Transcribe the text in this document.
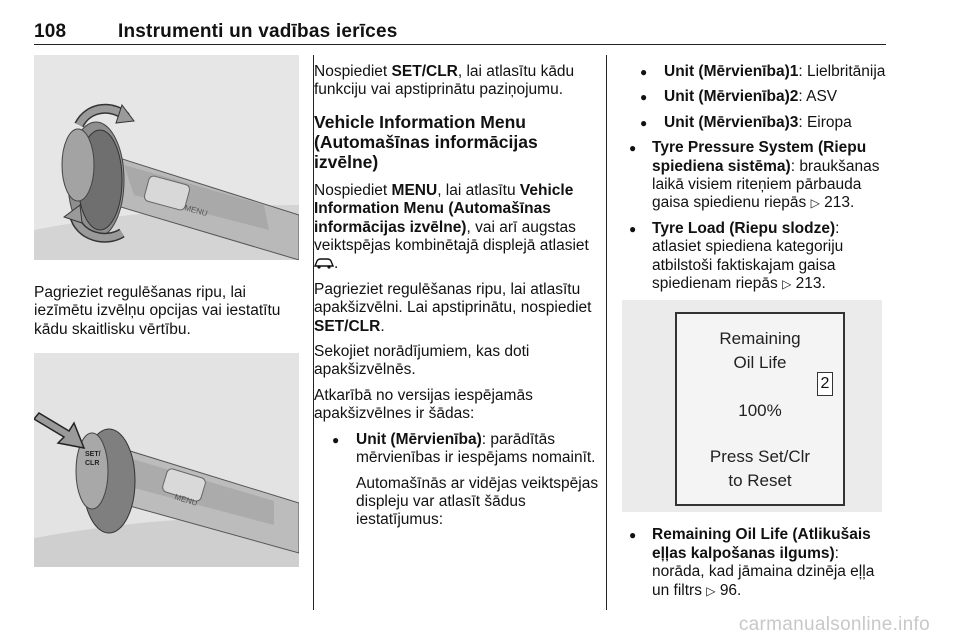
108	Instrumenti un vadības ierīces
MENU

Pagrieziet regulēšanas ripu, lai iezīmētu izvēlņu opcijas vai iestatītu kādu skaitlisku vērtību.

SET/
CLR
MENU

Nospiediet SET/CLR, lai atlasītu kādu funkciju vai apstiprinātu paziņojumu.

Vehicle Information Menu (Automašīnas informācijas izvēlne)

Nospiediet MENU, lai atlasītu Vehicle Information Menu (Automašīnas informācijas izvēlne), vai arī augstas veiktspējas kombinētajā displejā atlasiet .

Pagrieziet regulēšanas ripu, lai atlasītu apakšizvēlni. Lai apstiprinātu, nospiediet SET/CLR.

Sekojiet norādījumiem, kas doti apakšizvēlnēs.

Atkarībā no versijas iespējamās apakšizvēlnes ir šādas:

● Unit (Mērvienība): parādītās mērvienības ir iespējams nomainīt.

Automašīnās ar vidējas veiktspējas displeju var atlasīt šādus iestatījumus:

● Unit (Mērvienība)1: Lielbritānija
● Unit (Mērvienība)2: ASV
● Unit (Mērvienība)3: Eiropa
● Tyre Pressure System (Riepu spiediena sistēma): braukšanas laikā visiem riteņiem pārbauda gaisa spiedienu riepās ▷ 213.
● Tyre Load (Riepu slodze): atlasiet spiediena kategoriju atbilstoši faktiskajam gaisa spiedienam riepās ▷ 213.
Remaining
Oil Life
2
100%
Press Set/Clr
to Reset
● Remaining Oil Life (Atlikušais eļļas kalpošanas ilgums): norāda, kad jāmaina dzinēja eļļa un filtrs ▷ 96.
carmanualsonline.info
